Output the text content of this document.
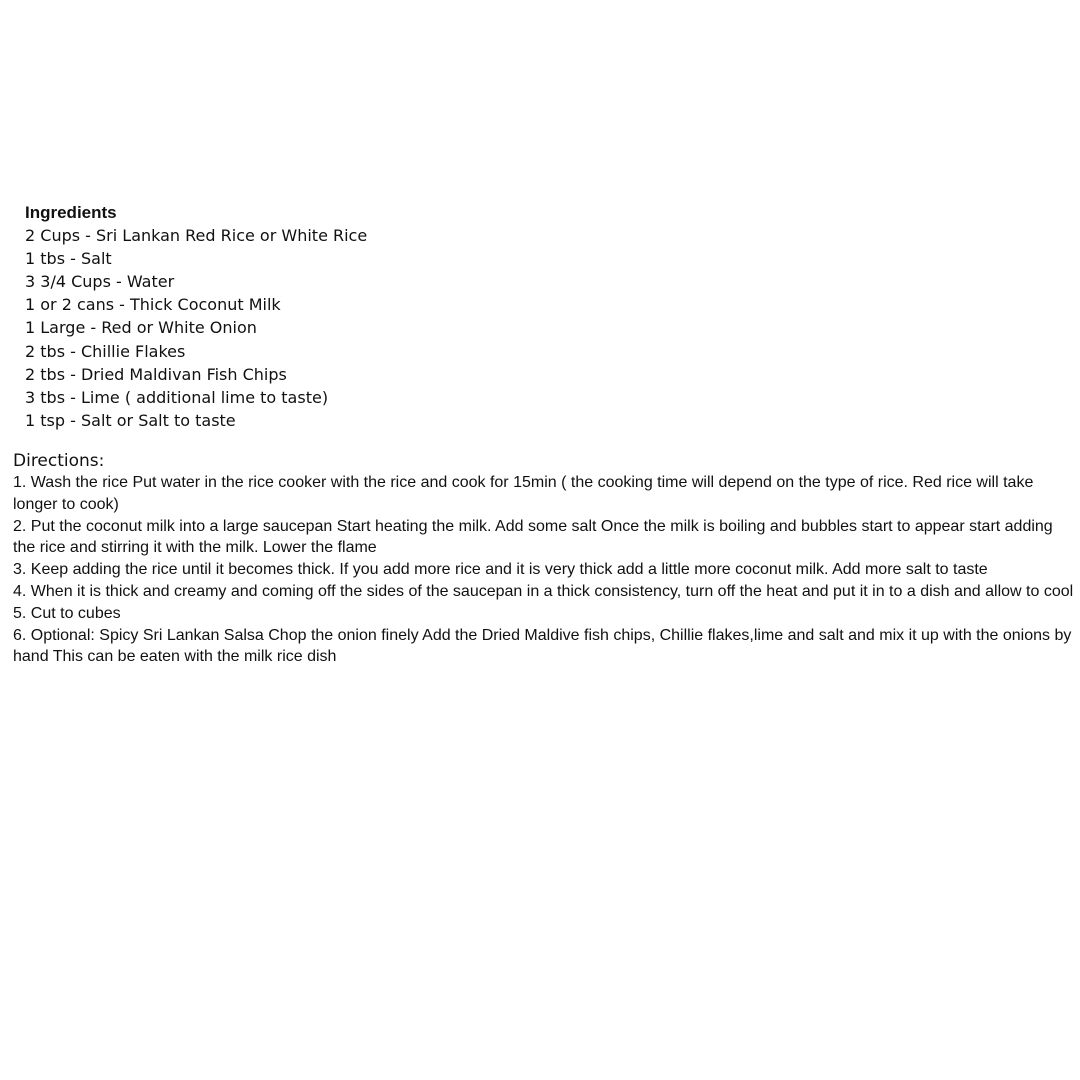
Ingredients
2 Cups - Sri Lankan Red Rice or White Rice
1 tbs - Salt
3 3/4 Cups - Water
1 or 2 cans - Thick Coconut Milk
1 Large - Red or White Onion
2 tbs - Chillie Flakes
2 tbs - Dried Maldivan Fish Chips
3 tbs - Lime ( additional lime to taste)
1 tsp - Salt or Salt to taste
Directions:
1. Wash the rice Put water in the rice cooker with the rice and cook for 15min ( the cooking time will depend on the type of rice. Red rice will take longer to cook)
2. Put the coconut milk into a large saucepan Start heating the milk. Add some salt Once the milk is boiling and bubbles start to appear start adding the rice and stirring it with the milk. Lower the flame
3. Keep adding the rice until it becomes thick. If you add more rice and it is very thick add a little more coconut milk. Add more salt to taste
4. When it is thick and creamy and coming off the sides of the saucepan in a thick consistency, turn off the heat and put it in to a dish and allow to cool
5. Cut to cubes
6. Optional: Spicy Sri Lankan Salsa Chop the onion finely Add the Dried Maldive fish chips, Chillie flakes,lime and salt and mix it up with the onions by hand This can be eaten with the milk rice dish
